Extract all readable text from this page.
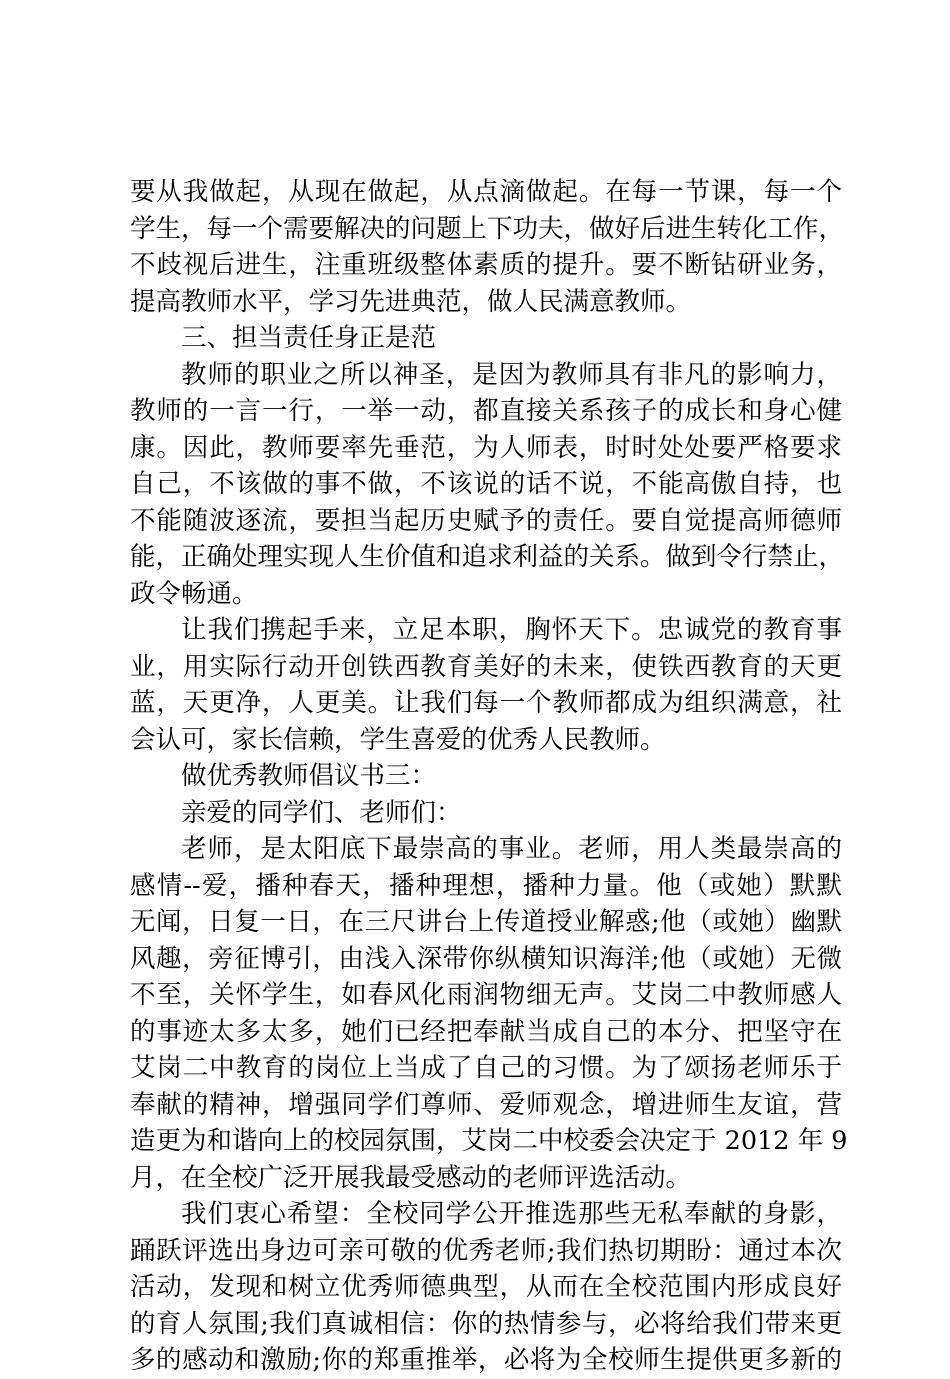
要从我做起，从现在做起，从点滴做起。在每一节课，每一个
学生，每一个需要解决的问题上下功夫，做好后进生转化工作，
不歧视后进生，注重班级整体素质的提升。要不断钻研业务，
提高教师水平，学习先进典范，做人民满意教师。
三、担当责任身正是范
教师的职业之所以神圣，是因为教师具有非凡的影响力，
教师的一言一行，一举一动，都直接关系孩子的成长和身心健
康。因此，教师要率先垂范，为人师表，时时处处要严格要求
自己，不该做的事不做，不该说的话不说，不能高傲自持，也
不能随波逐流，要担当起历史赋予的责任。要自觉提高师德师
能，正确处理实现人生价值和追求利益的关系。做到令行禁止，
政令畅通。
让我们携起手来，立足本职，胸怀天下。忠诚党的教育事
业，用实际行动开创铁西教育美好的未来，使铁西教育的天更
蓝，天更净，人更美。让我们每一个教师都成为组织满意，社
会认可，家长信赖，学生喜爱的优秀人民教师。
做优秀教师倡议书三：
亲爱的同学们、老师们：
老师，是太阳底下最崇高的事业。老师，用人类最崇高的
感情--爱，播种春天，播种理想，播种力量。他（或她）默默
无闻，日复一日，在三尺讲台上传道授业解惑;他（或她）幽默
风趣，旁征博引，由浅入深带你纵横知识海洋;他（或她）无微
不至，关怀学生，如春风化雨润物细无声。艾岗二中教师感人
的事迹太多太多，她们已经把奉献当成自己的本分、把坚守在
艾岗二中教育的岗位上当成了自己的习惯。为了颂扬老师乐于
奉献的精神，增强同学们尊师、爱师观念，增进师生友谊，营
造更为和谐向上的校园氛围，艾岗二中校委会决定于 2012 年 9
月，在全校广泛开展我最受感动的老师评选活动。
我们衷心希望：全校同学公开推选那些无私奉献的身影，
踊跃评选出身边可亲可敬的优秀老师;我们热切期盼：通过本次
活动，发现和树立优秀师德典型，从而在全校范围内形成良好
的育人氛围;我们真诚相信：你的热情参与，必将给我们带来更
多的感动和激励;你的郑重推举，必将为全校师生提供更多新的
